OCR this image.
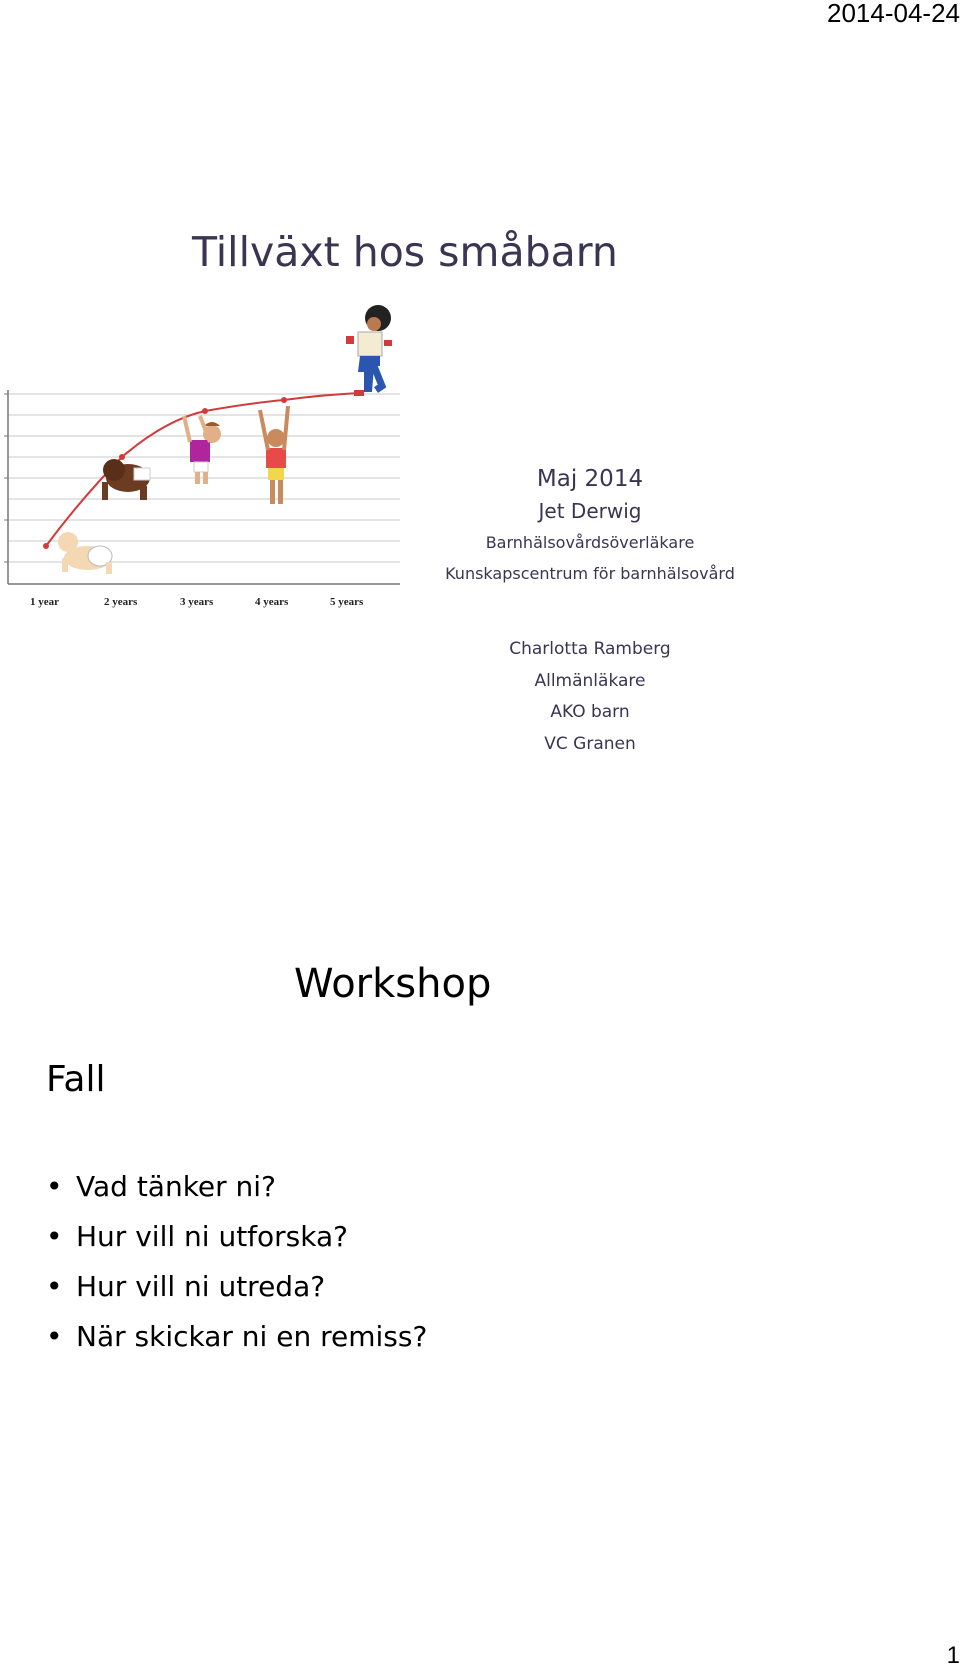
2014-04-24
Tillväxt hos småbarn
1 year	2 years	3 years	4 years	5 years
Maj 2014
Jet Derwig
Barnhälsovårdsöverläkare
Kunskapscentrum för barnhälsovård
Charlotta Ramberg
Allmänläkare
AKO barn
VC Granen
Workshop
Fall
• Vad tänker ni?
• Hur vill ni utforska?
• Hur vill ni utreda?
• När skickar ni en remiss?
1
